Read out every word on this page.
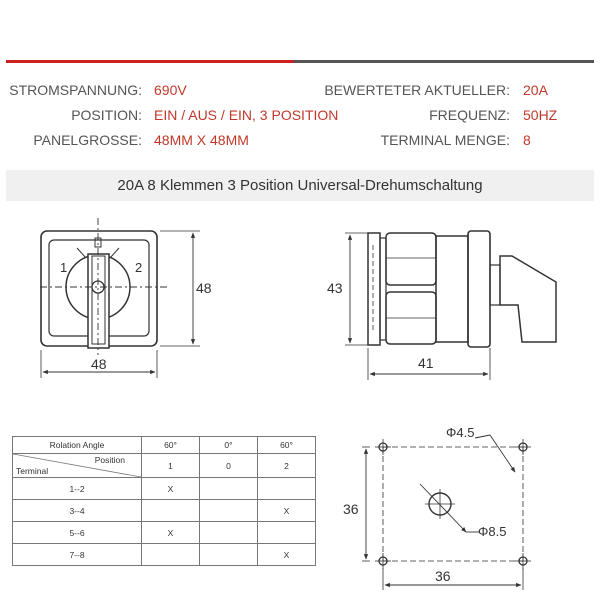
STROMSPANNUNG: 690V	BEWERTETER AKTUELLER: 20A
POSITION: EIN / AUS / EIN, 3 POSITION	FREQUENZ: 50HZ
PANELGROSSE: 48MM X 48MM	TERMINAL MENGE: 8
20A 8 Klemmen 3 Position Universal-Drehumschaltung
1	2
48
48
43
41
Φ4.5
Φ8.5
36
36
Rolation Angle	60°	0°	60°

Position
Terminal	1	0	2
1--2	X		
3--4			X
5--6	X		
7--8			X
